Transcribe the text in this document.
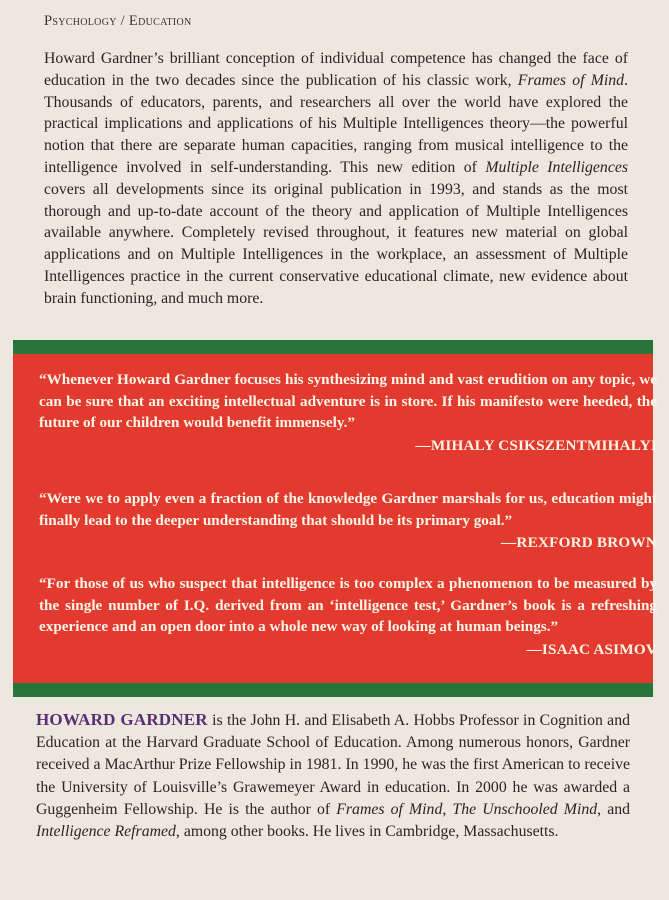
Psychology / Education
Howard Gardner’s brilliant conception of individual competence has changed the face of education in the two decades since the publication of his classic work, Frames of Mind. Thousands of educators, parents, and researchers all over the world have explored the practical implications and applications of his Multiple Intelligences theory—the powerful notion that there are separate human capacities, ranging from musical intelligence to the intelligence involved in self-understanding. This new edition of Multiple Intelligences covers all developments since its original publication in 1993, and stands as the most thorough and up-to-date account of the theory and application of Multiple Intelligences available anywhere. Completely revised throughout, it features new material on global applications and on Multiple Intelligences in the workplace, an assessment of Multiple Intelligences practice in the current conservative educational climate, new evidence about brain functioning, and much more.
“Whenever Howard Gardner focuses his synthesizing mind and vast erudition on any topic, we can be sure that an exciting intellectual adventure is in store. If his manifesto were heeded, the future of our children would benefit immensely.”
—MIHALY CSIKSZENTMIHALYI
“Were we to apply even a fraction of the knowledge Gardner marshals for us, education might finally lead to the deeper understanding that should be its primary goal.”
—REXFORD BROWN
“For those of us who suspect that intelligence is too complex a phenomenon to be measured by the single number of I.Q. derived from an ‘intelligence test,’ Gardner’s book is a refreshing experience and an open door into a whole new way of looking at human beings.”
—ISAAC ASIMOV
HOWARD GARDNER is the John H. and Elisabeth A. Hobbs Professor in Cognition and Education at the Harvard Graduate School of Education. Among numerous honors, Gardner received a MacArthur Prize Fellowship in 1981. In 1990, he was the first American to receive the University of Louisville’s Grawemeyer Award in education. In 2000 he was awarded a Guggenheim Fellowship. He is the author of Frames of Mind, The Unschooled Mind, and Intelligence Reframed, among other books. He lives in Cambridge, Massachusetts.
